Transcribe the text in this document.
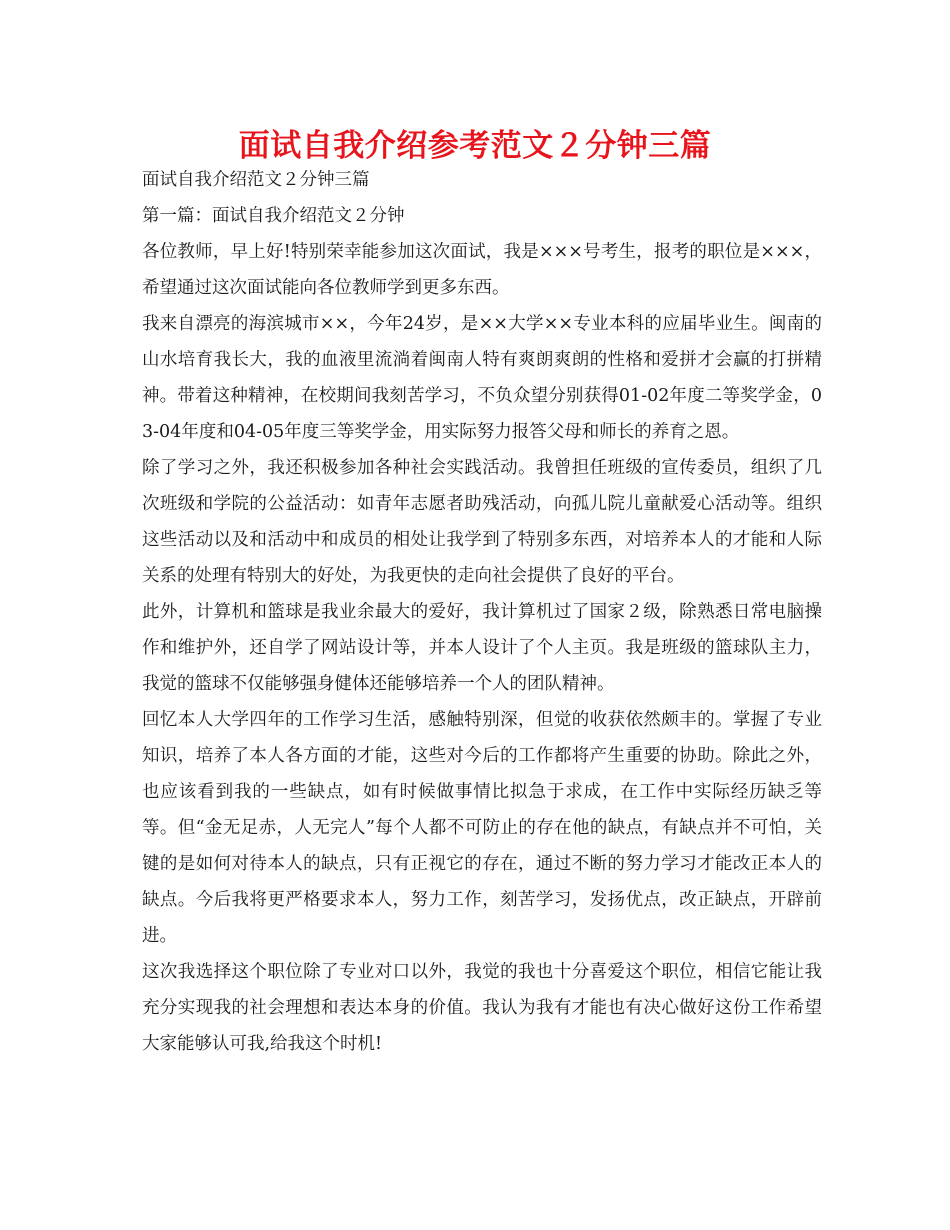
面试自我介绍参考范文２分钟三篇

面试自我介绍范文２分钟三篇

第一篇：面试自我介绍范文２分钟

各位教师，早上好!特别荣幸能参加这次面试，我是×××号考生，报考的职位是×××，希望通过这次面试能向各位教师学到更多东西。

我来自漂亮的海滨城市××，今年24岁，是××大学××专业本科的应届毕业生。闽南的山水培育我长大，我的血液里流淌着闽南人特有爽朗爽朗的性格和爱拼才会赢的打拼精神。带着这种精神，在校期间我刻苦学习，不负众望分别获得01-02年度二等奖学金，03-04年度和04-05年度三等奖学金，用实际努力报答父母和师长的养育之恩。

除了学习之外，我还积极参加各种社会实践活动。我曾担任班级的宣传委员，组织了几次班级和学院的公益活动：如青年志愿者助残活动，向孤儿院儿童献爱心活动等。组织这些活动以及和活动中和成员的相处让我学到了特别多东西，对培养本人的才能和人际关系的处理有特别大的好处，为我更快的走向社会提供了良好的平台。

此外，计算机和篮球是我业余最大的爱好，我计算机过了国家２级，除熟悉日常电脑操作和维护外，还自学了网站设计等，并本人设计了个人主页。我是班级的篮球队主力，我觉的篮球不仅能够强身健体还能够培养一个人的团队精神。

回忆本人大学四年的工作学习生活，感触特别深，但觉的收获依然颇丰的。掌握了专业知识，培养了本人各方面的才能，这些对今后的工作都将产生重要的协助。除此之外，也应该看到我的一些缺点，如有时候做事情比拟急于求成，在工作中实际经历缺乏等等。但“金无足赤，人无完人”每个人都不可防止的存在他的缺点，有缺点并不可怕，关键的是如何对待本人的缺点，只有正视它的存在，通过不断的努力学习才能改正本人的缺点。今后我将更严格要求本人，努力工作，刻苦学习，发扬优点，改正缺点，开辟前进。

这次我选择这个职位除了专业对口以外，我觉的我也十分喜爱这个职位，相信它能让我充分实现我的社会理想和表达本身的价值。我认为我有才能也有决心做好这份工作希望大家能够认可我,给我这个时机!
